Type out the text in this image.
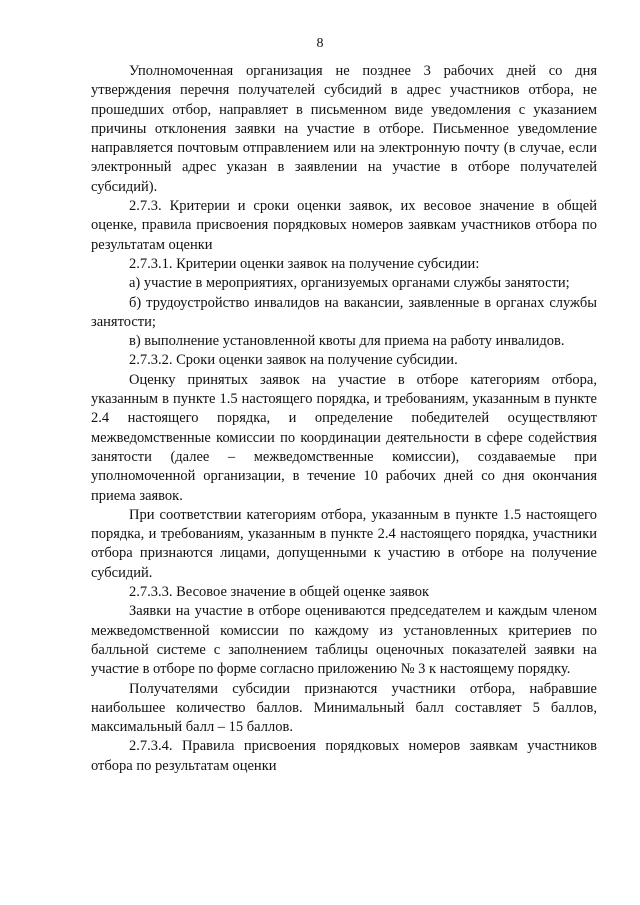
8

Уполномоченная организация не позднее 3 рабочих дней со дня утверждения перечня получателей субсидий в адрес участников отбора, не прошедших отбор, направляет в письменном виде уведомления с указанием причины отклонения заявки на участие в отборе. Письменное уведомление направляется почтовым отправлением или на электронную почту (в случае, если электронный адрес указан в заявлении на участие в отборе получателей субсидий).

2.7.3. Критерии и сроки оценки заявок, их весовое значение в общей оценке, правила присвоения порядковых номеров заявкам участников отбора по результатам оценки

2.7.3.1. Критерии оценки заявок на получение субсидии:

а) участие в мероприятиях, организуемых органами службы занятости;

б) трудоустройство инвалидов на вакансии, заявленные в органах службы занятости;

в) выполнение установленной квоты для приема на работу инвалидов.

2.7.3.2. Сроки оценки заявок на получение субсидии.

Оценку принятых заявок на участие в отборе категориям отбора, указанным в пункте 1.5 настоящего порядка, и требованиям, указанным в пункте 2.4 настоящего порядка, и определение победителей осуществляют межведомственные комиссии по координации деятельности в сфере содействия занятости (далее – межведомственные комиссии), создаваемые при уполномоченной организации, в течение 10 рабочих дней со дня окончания приема заявок.

При соответствии категориям отбора, указанным в пункте 1.5 настоящего порядка, и требованиям, указанным в пункте 2.4 настоящего порядка, участники отбора признаются лицами, допущенными к участию в отборе на получение субсидий.

2.7.3.3. Весовое значение в общей оценке заявок

Заявки на участие в отборе оцениваются председателем и каждым членом межведомственной комиссии по каждому из установленных критериев по балльной системе с заполнением таблицы оценочных показателей заявки на участие в отборе по форме согласно приложению № 3 к настоящему порядку.

Получателями субсидии признаются участники отбора, набравшие наибольшее количество баллов. Минимальный балл составляет 5 баллов, максимальный балл – 15 баллов.

2.7.3.4. Правила присвоения порядковых номеров заявкам участников отбора по результатам оценки
